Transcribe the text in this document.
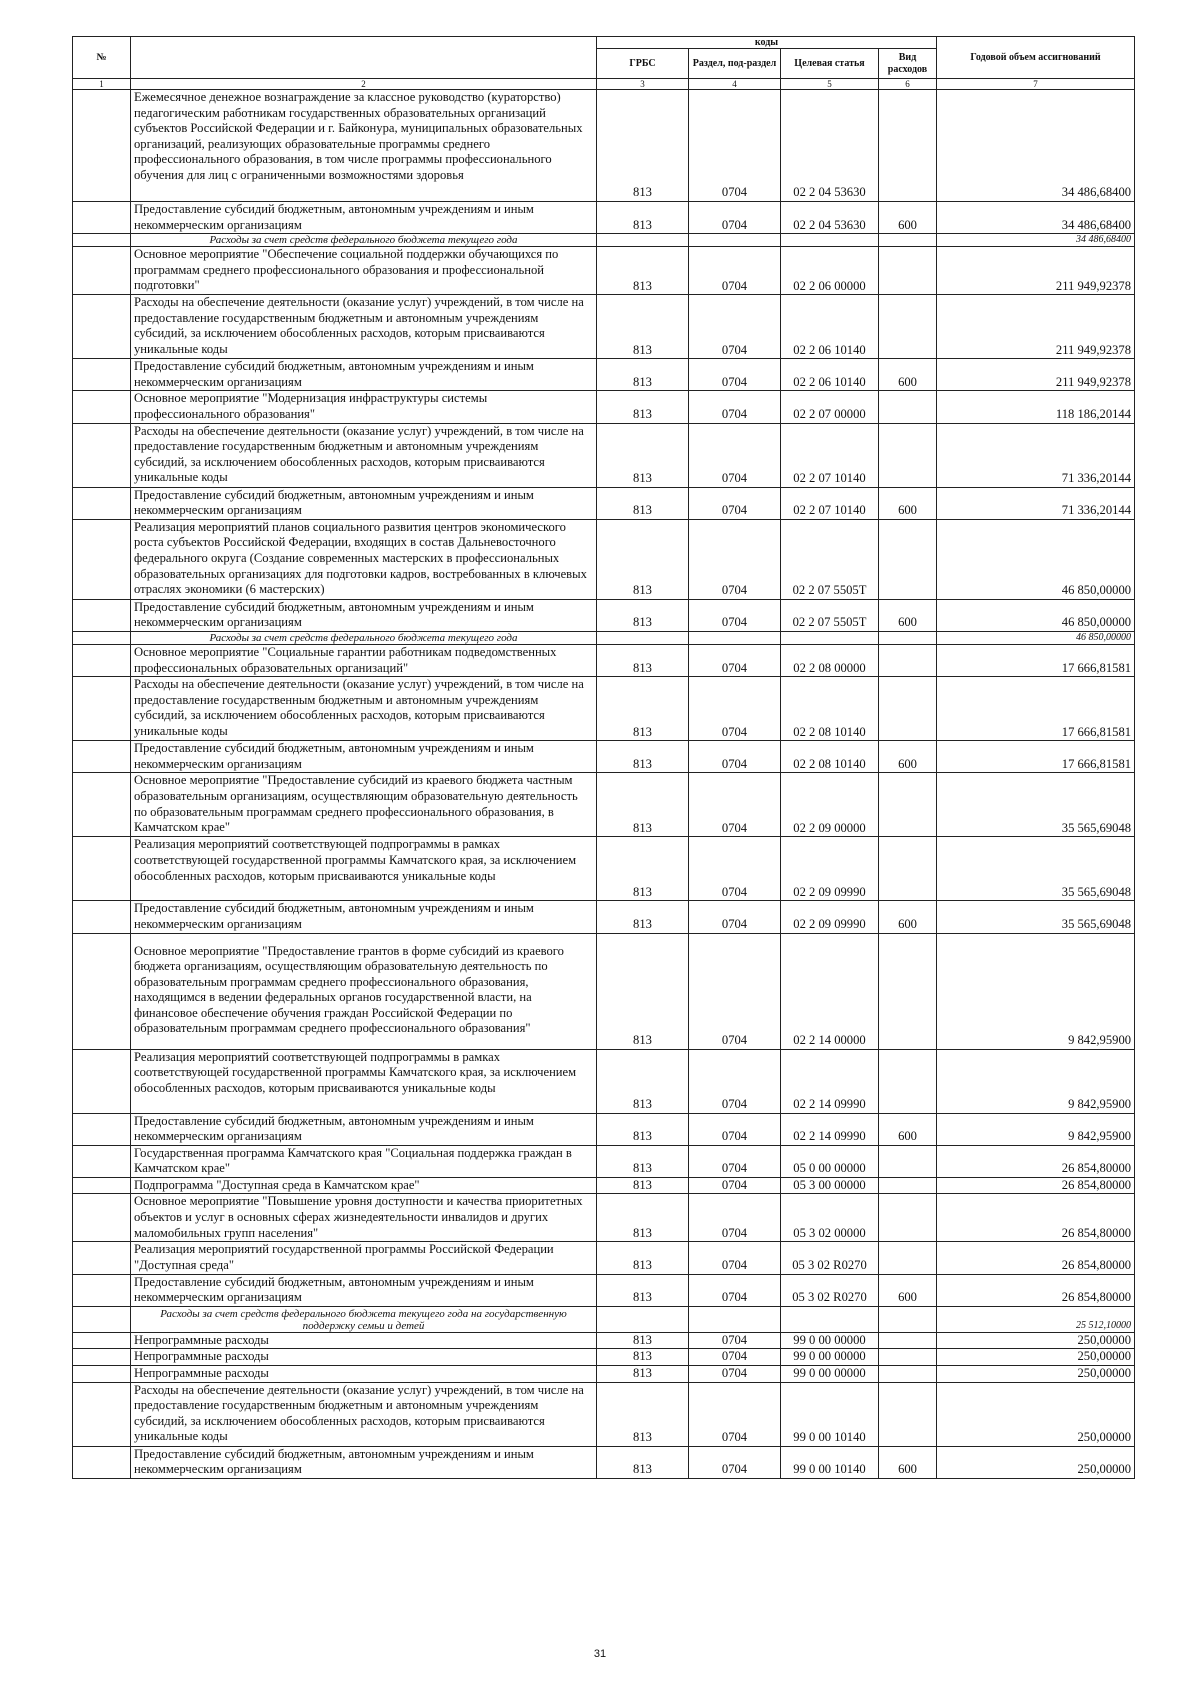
№		коды				Годовой объем ассигнований
		ГРБС	Раздел, под-раздел	Целевая статья	Вид расходов	
1	2	3	4	5	6	7
	Ежемесячное денежное вознаграждение за классное руководство (кураторство) педагогическим работникам государственных образовательных организаций субъектов Российской Федерации и г. Байконура, муниципальных образовательных организаций, реализующих образовательные программы среднего профессионального образования, в том числе программы профессионального обучения для лиц с ограниченными возможностями здоровья	813	0704	02 2 04 53630		34 486,68400
	Предоставление субсидий бюджетным, автономным учреждениям и иным некоммерческим организациям	813	0704	02 2 04 53630	600	34 486,68400
	Расходы за счет средств федерального бюджета текущего года					34 486,68400
	Основное мероприятие "Обеспечение социальной поддержки обучающихся по программам среднего профессионального образования и профессиональной подготовки"	813	0704	02 2 06 00000		211 949,92378
	Расходы на обеспечение деятельности (оказание услуг) учреждений, в том числе на предоставление государственным бюджетным и автономным учреждениям субсидий, за исключением обособленных расходов, которым присваиваются уникальные коды	813	0704	02 2 06 10140		211 949,92378
	Предоставление субсидий бюджетным, автономным учреждениям и иным некоммерческим организациям	813	0704	02 2 06 10140	600	211 949,92378
	Основное мероприятие "Модернизация инфраструктуры системы профессионального образования"	813	0704	02 2 07 00000		118 186,20144
	Расходы на обеспечение деятельности (оказание услуг) учреждений, в том числе на предоставление государственным бюджетным и автономным учреждениям субсидий, за исключением обособленных расходов, которым присваиваются уникальные коды	813	0704	02 2 07 10140		71 336,20144
	Предоставление субсидий бюджетным, автономным учреждениям и иным некоммерческим организациям	813	0704	02 2 07 10140	600	71 336,20144
	Реализация мероприятий планов социального развития центров экономического роста субъектов Российской Федерации, входящих в состав Дальневосточного федерального округа (Создание современных мастерских в профессиональных образовательных организациях для подготовки кадров, востребованных в ключевых отраслях экономики (6 мастерских)	813	0704	02 2 07 5505Т		46 850,00000
	Предоставление субсидий бюджетным, автономным учреждениям и иным некоммерческим организациям	813	0704	02 2 07 5505Т	600	46 850,00000
	Расходы за счет средств федерального бюджета текущего года					46 850,00000
	Основное мероприятие "Социальные гарантии работникам подведомственных профессиональных образовательных организаций"	813	0704	02 2 08 00000		17 666,81581
	Расходы на обеспечение деятельности (оказание услуг) учреждений, в том числе на предоставление государственным бюджетным и автономным учреждениям субсидий, за исключением обособленных расходов, которым присваиваются уникальные коды	813	0704	02 2 08 10140		17 666,81581
	Предоставление субсидий бюджетным, автономным учреждениям и иным некоммерческим организациям	813	0704	02 2 08 10140	600	17 666,81581
	Основное мероприятие "Предоставление субсидий из краевого бюджета частным образовательным организациям, осуществляющим образовательную деятельность по образовательным программам среднего профессионального образования, в Камчатском крае"	813	0704	02 2 09 00000		35 565,69048
	Реализация мероприятий соответствующей подпрограммы в рамках соответствующей государственной программы Камчатского края, за исключением обособленных расходов, которым присваиваются уникальные коды	813	0704	02 2 09 09990		35 565,69048
	Предоставление субсидий бюджетным, автономным учреждениям и иным некоммерческим организациям	813	0704	02 2 09 09990	600	35 565,69048
	Основное мероприятие "Предоставление грантов в форме субсидий из краевого бюджета организациям, осуществляющим образовательную деятельность по образовательным программам среднего профессионального образования, находящимся в ведении федеральных органов государственной власти, на финансовое обеспечение обучения граждан Российской Федерации по образовательным программам среднего профессионального образования"	813	0704	02 2 14 00000		9 842,95900
	Реализация мероприятий соответствующей подпрограммы в рамках соответствующей государственной программы Камчатского края, за исключением обособленных расходов, которым присваиваются уникальные коды	813	0704	02 2 14 09990		9 842,95900
	Предоставление субсидий бюджетным, автономным учреждениям и иным некоммерческим организациям	813	0704	02 2 14 09990	600	9 842,95900
	Государственная программа Камчатского края "Социальная поддержка граждан в Камчатском крае"	813	0704	05 0 00 00000		26 854,80000
	Подпрограмма "Доступная среда в Камчатском крае"	813	0704	05 3 00 00000		26 854,80000
	Основное мероприятие "Повышение уровня доступности и качества приоритетных объектов и услуг в основных сферах жизнедеятельности инвалидов и других маломобильных групп населения"	813	0704	05 3 02 00000		26 854,80000
	Реализация мероприятий государственной программы Российской Федерации "Доступная среда"	813	0704	05 3 02 R0270		26 854,80000
	Предоставление субсидий бюджетным, автономным учреждениям и иным некоммерческим организациям	813	0704	05 3 02 R0270	600	26 854,80000
	Расходы за счет средств федерального бюджета текущего года на государственную поддержку семьи и детей					25 512,10000
	Непрограммные расходы	813	0704	99 0 00 00000		250,00000
	Непрограммные расходы	813	0704	99 0 00 00000		250,00000
	Непрограммные расходы	813	0704	99 0 00 00000		250,00000
	Расходы на обеспечение деятельности (оказание услуг) учреждений, в том числе на предоставление государственным бюджетным и автономным учреждениям субсидий, за исключением обособленных расходов, которым присваиваются уникальные коды	813	0704	99 0 00 10140		250,00000
	Предоставление субсидий бюджетным, автономным учреждениям и иным некоммерческим организациям	813	0704	99 0 00 10140	600	250,00000
31
